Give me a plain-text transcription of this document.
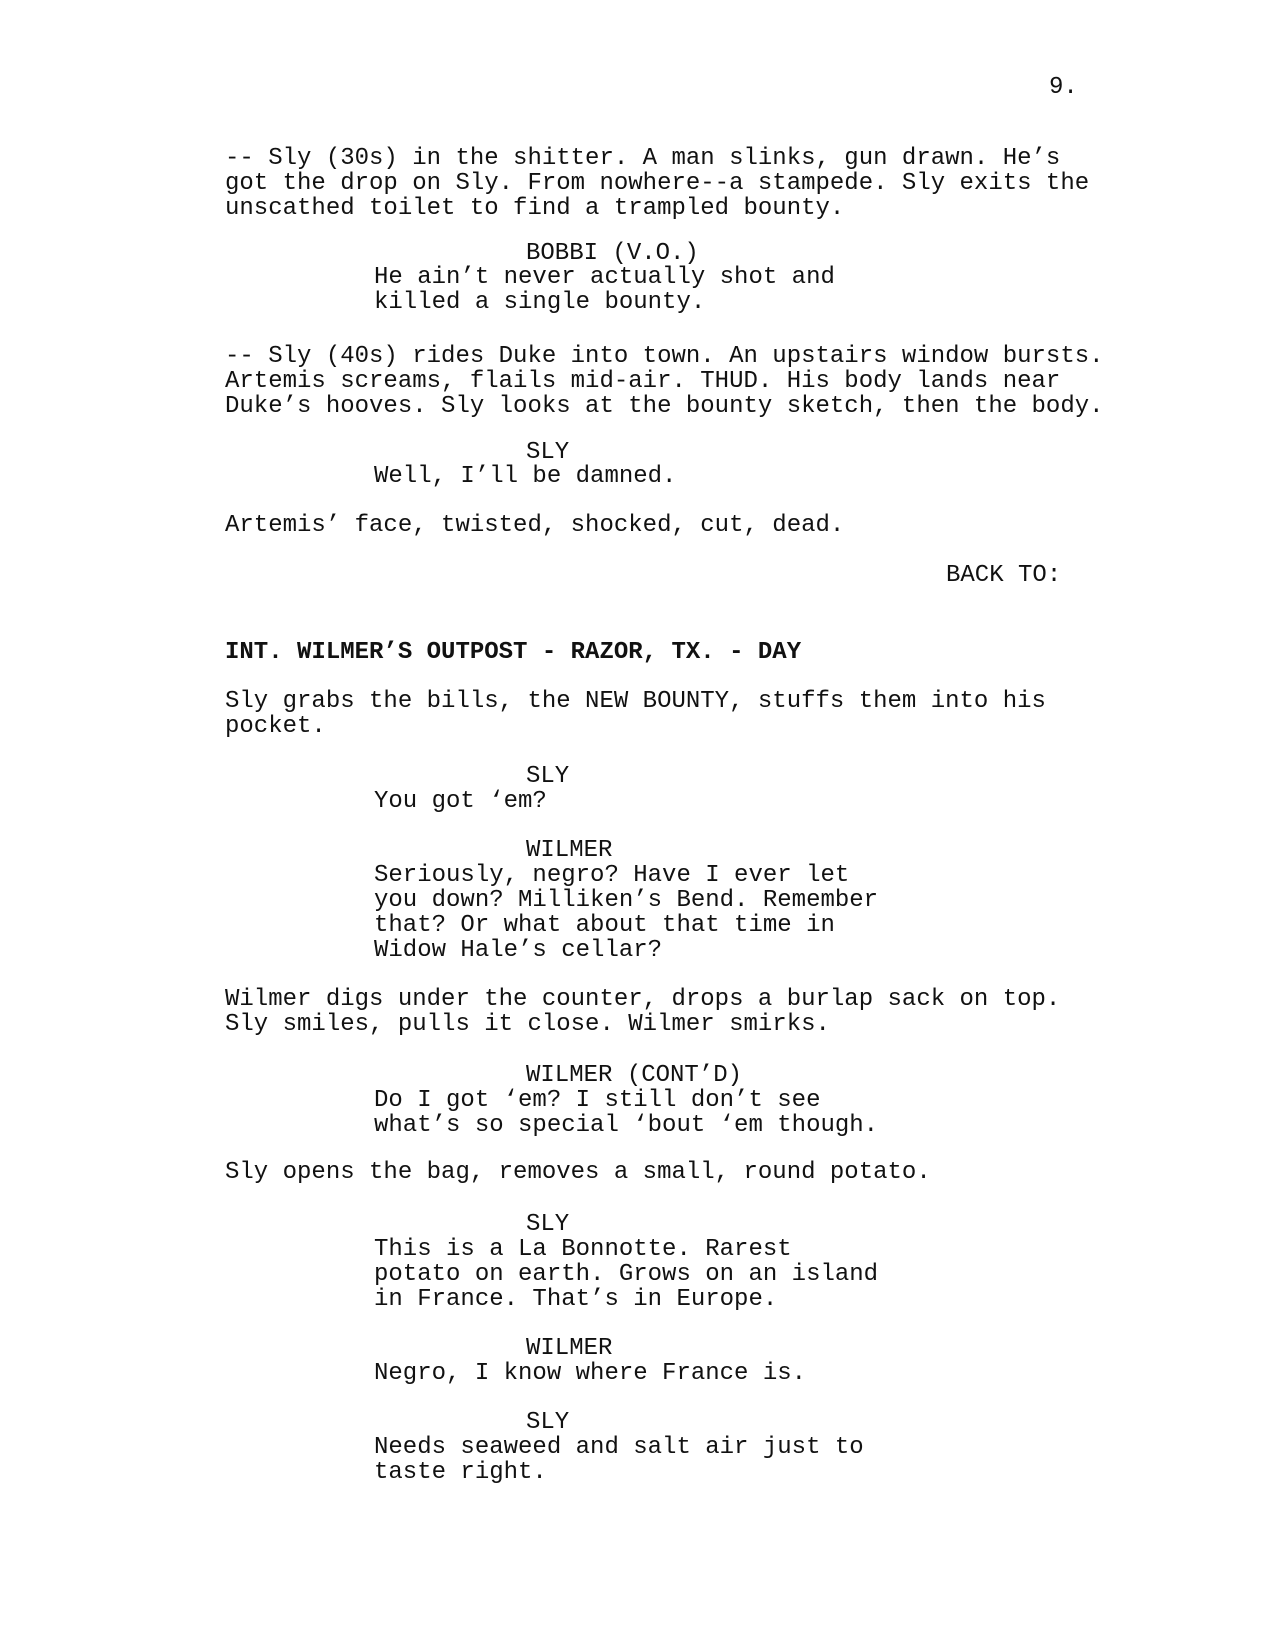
9.
-- Sly (30s) in the shitter. A man slinks, gun drawn. He’s
got the drop on Sly. From nowhere--a stampede. Sly exits the
unscathed toilet to find a trampled bounty.
BOBBI (V.O.)
He ain’t never actually shot and
killed a single bounty.
-- Sly (40s) rides Duke into town. An upstairs window bursts.
Artemis screams, flails mid-air. THUD. His body lands near
Duke’s hooves. Sly looks at the bounty sketch, then the body.
SLY
Well, I’ll be damned.
Artemis’ face, twisted, shocked, cut, dead.
BACK TO:
INT. WILMER’S OUTPOST - RAZOR, TX. - DAY
Sly grabs the bills, the NEW BOUNTY, stuffs them into his
pocket.
SLY
You got ‘em?
WILMER
Seriously, negro? Have I ever let
you down? Milliken’s Bend. Remember
that? Or what about that time in
Widow Hale’s cellar?
Wilmer digs under the counter, drops a burlap sack on top.
Sly smiles, pulls it close. Wilmer smirks.
WILMER (CONT’D)
Do I got ‘em? I still don’t see
what’s so special ‘bout ‘em though.
Sly opens the bag, removes a small, round potato.
SLY
This is a La Bonnotte. Rarest
potato on earth. Grows on an island
in France. That’s in Europe.
WILMER
Negro, I know where France is.
SLY
Needs seaweed and salt air just to
taste right.
